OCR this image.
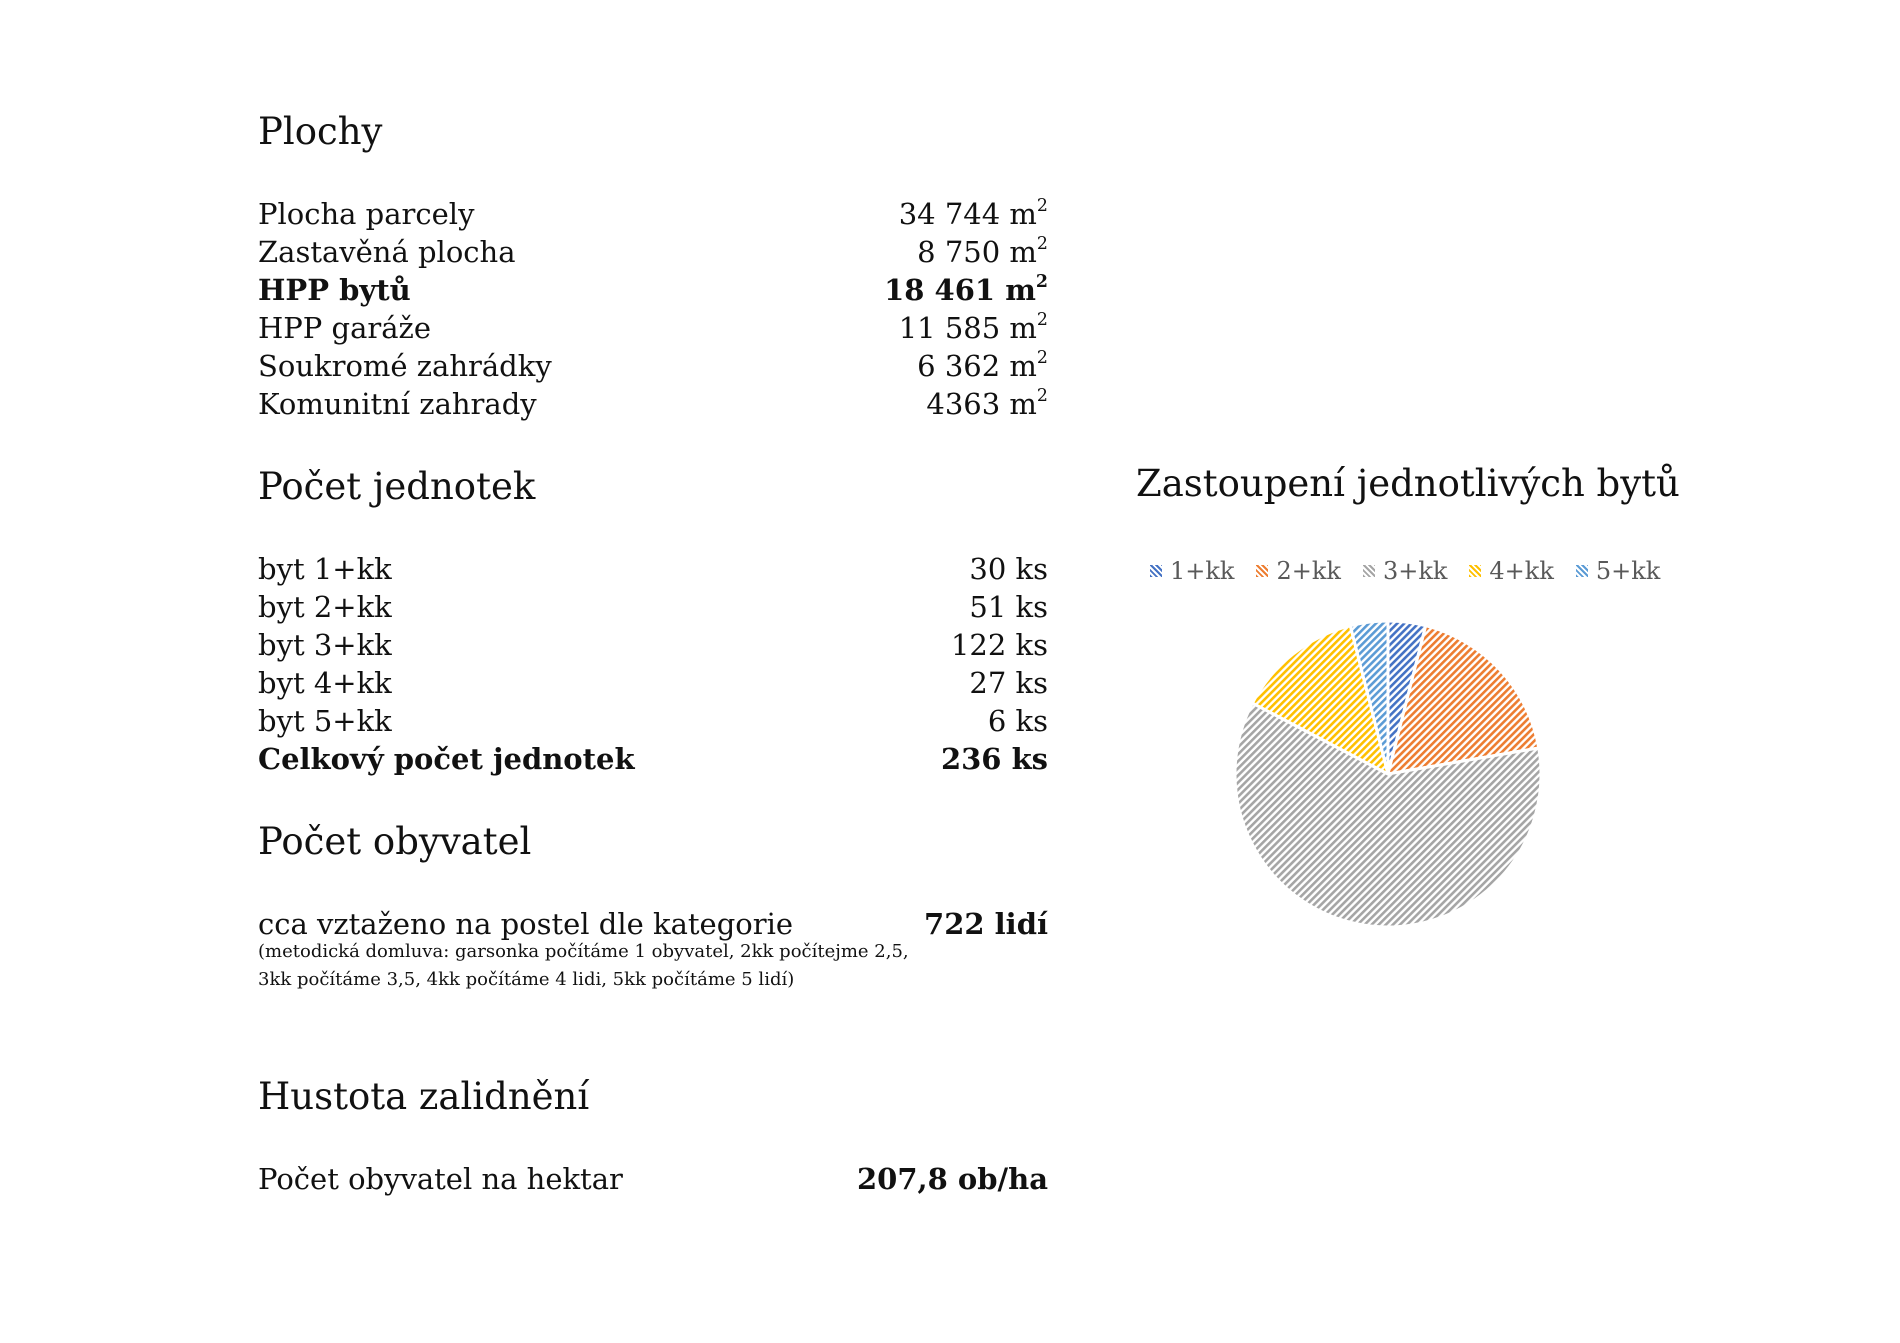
Plochy
Plocha parcely	34 744 $m^2$
Zastavěná plocha	8 750 $m^2$
HPP bytů	18 461 $m^2$
HPP garáže	11 585 $m^2$
Soukromé zahrádky	6 362 $m^2$
Komunitní zahrady	4363 $m^2$
Počet jednotek
byt 1+kk	30 ks
byt 2+kk	51 ks
byt 3+kk	122 ks
byt 4+kk	27 ks
byt 5+kk	6 ks
Celkový počet jednotek	236 ks
Počet obyvatel
cca vztaženo na postel dle kategorie	722 lidí
(metodická domluva: garsonka počítáme 1 obyvatel, 2kk počítejme 2,5,
3kk počítáme 3,5, 4kk počítáme 4 lidi, 5kk počítáme 5 lidí)
Hustota zalidnění
Počet obyvatel na hektar	207,8 ob/ha
Zastoupení jednotlivých bytů
1+kk 2+kk 3+kk 4+kk 5+kk
